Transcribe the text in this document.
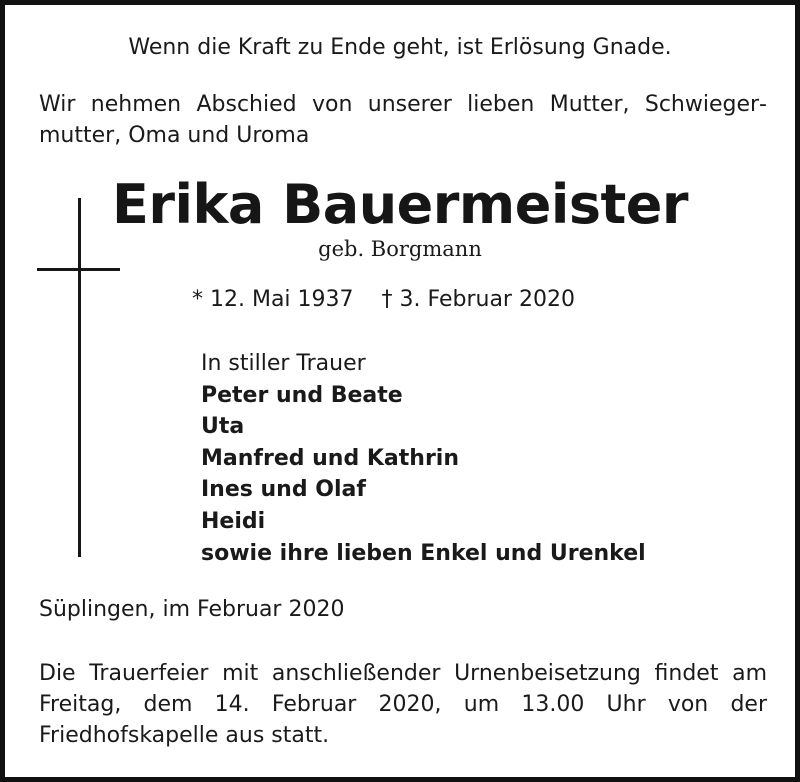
Wenn die Kraft zu Ende geht, ist Erlösung Gnade.
Wir nehmen Abschied von unserer lieben Mutter, Schwiegermutter, Oma und Uroma
Erika Bauermeister
geb. Borgmann
* 12. Mai 1937 † 3. Februar 2020
In stiller Trauer
Peter und Beate
Uta
Manfred und Kathrin
Ines und Olaf
Heidi
sowie ihre lieben Enkel und Urenkel
Süplingen, im Februar 2020
Die Trauerfeier mit anschließender Urnenbeisetzung findet am Freitag, dem 14. Februar 2020, um 13.00 Uhr von der Friedhofskapelle aus statt.
